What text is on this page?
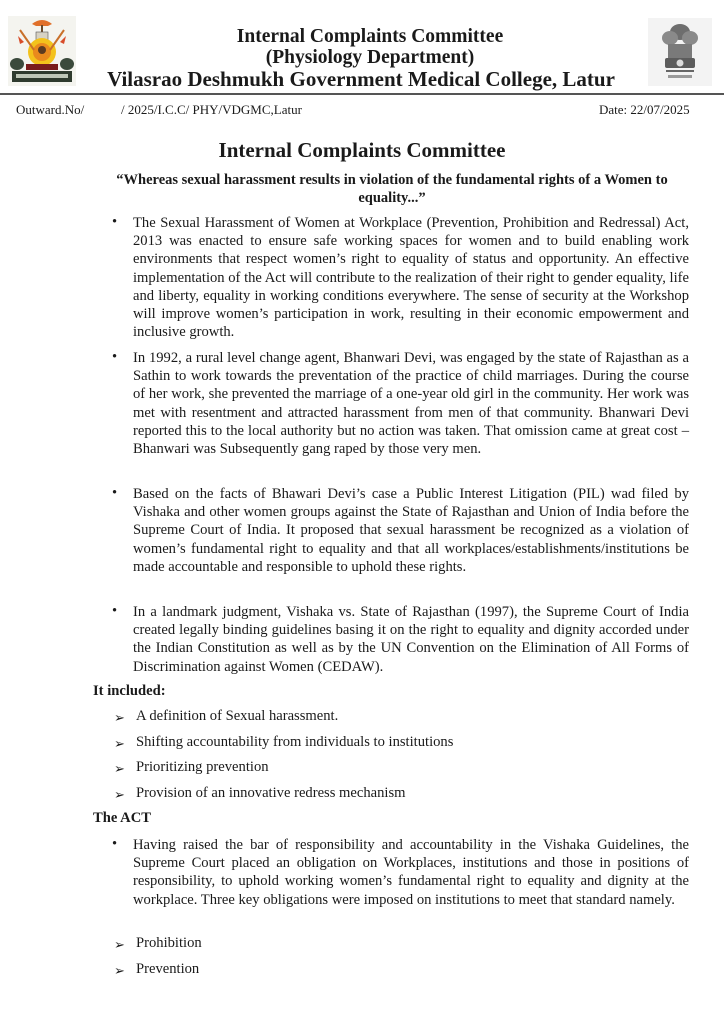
Internal Complaints Committee
(Physiology Department)
Vilasrao Deshmukh Government Medical College, Latur
Outward.No/	/ 2025/I.C.C/ PHY/VDGMC,Latur	Date: 22/07/2025
Internal Complaints Committee
“Whereas sexual harassment results in violation of the fundamental rights of a Women to equality...”
• The Sexual Harassment of Women at Workplace (Prevention, Prohibition and Redressal) Act, 2013 was enacted to ensure safe working spaces for women and to build enabling work environments that respect women’s right to equality of status and opportunity. An effective implementation of the Act will contribute to the realization of their right to gender equality, life and liberty, equality in working conditions everywhere. The sense of security at the Workshop will improve women’s participation in work, resulting in their economic empowerment and inclusive growth.
• In 1992, a rural level change agent, Bhanwari Devi, was engaged by the state of Rajasthan as a Sathin to work towards the preventation of the practice of child marriages. During the course of her work, she prevented the marriage of a one-year old girl in the community. Her work was met with resentment and attracted harassment from men of that community. Bhanwari Devi reported this to the local authority but no action was taken. That omission came at great cost – Bhanwari was Subsequently gang raped by those very men.
• Based on the facts of Bhawari Devi’s case a Public Interest Litigation (PIL) wad filed by Vishaka and other women groups against the State of Rajasthan and Union of India before the Supreme Court of India. It proposed that sexual harassment be recognized as a violation of women’s fundamental right to equality and that all workplaces/establishments/institutions be made accountable and responsible to uphold these rights.
• In a landmark judgment, Vishaka vs. State of Rajasthan (1997), the Supreme Court of India created legally binding guidelines basing it on the right to equality and dignity accorded under the Indian Constitution as well as by the UN Convention on the Elimination of All Forms of Discrimination against Women (CEDAW).
It included:
➢ A definition of Sexual harassment.
➢ Shifting accountability from individuals to institutions
➢ Prioritizing prevention
➢ Provision of an innovative redress mechanism
The ACT
• Having raised the bar of responsibility and accountability in the Vishaka Guidelines, the Supreme Court placed an obligation on Workplaces, institutions and those in positions of responsibility, to uphold working women’s fundamental right to equality and dignity at the workplace. Three key obligations were imposed on institutions to meet that standard namely.
➢ Prohibition
➢ Prevention
